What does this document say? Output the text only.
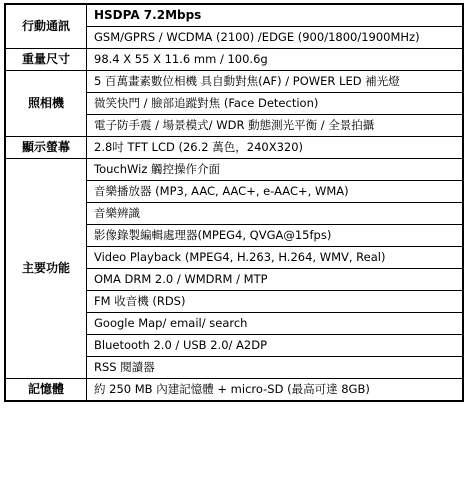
行動通訊	HSDPA 7.2Mbps
	GSM/GPRS / WCDMA (2100) /EDGE (900/1800/1900MHz)
重量尺寸	98.4 X 55 X 11.6 mm / 100.6g
照相機	5 百萬畫素數位相機 具自動對焦(AF) / POWER LED 補光燈
	微笑快門 / 臉部追蹤對焦 (Face Detection)
	電子防手震 / 場景模式/ WDR 動態測光平衡 / 全景拍攝
顯示螢幕	2.8吋 TFT LCD (26.2 萬色，240X320)
主要功能	TouchWiz 觸控操作介面
	音樂播放器 (MP3, AAC, AAC+, e-AAC+, WMA)
	音樂辨識
	影像錄製編輯處理器(MPEG4, QVGA@15fps)
	Video Playback (MPEG4, H.263, H.264, WMV, Real)
	OMA DRM 2.0 / WMDRM / MTP
	FM 收音機 (RDS)
	Google Map/ email/ search
	Bluetooth 2.0 / USB 2.0/ A2DP
	RSS 閱讀器
記憶體	約 250 MB 內建記憶體 + micro-SD (最高可達 8GB)
